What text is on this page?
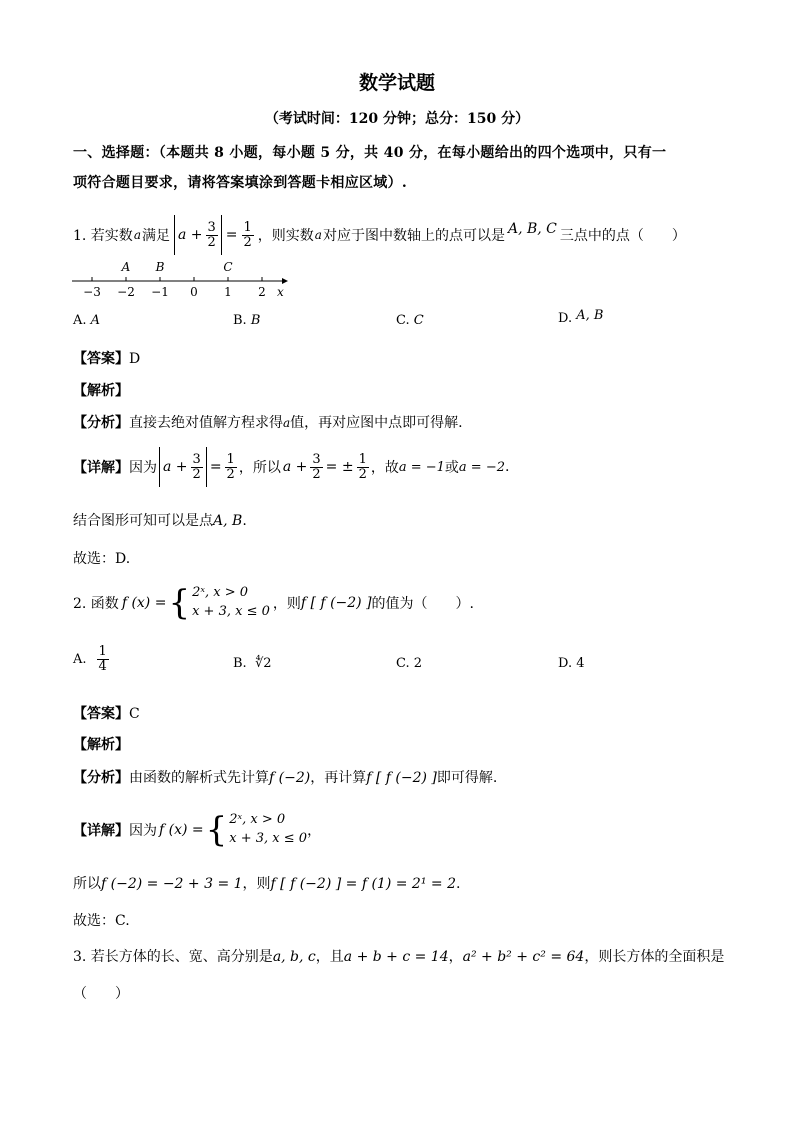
数学试题
（考试时间：120 分钟；总分：150 分）
一、选择题：（本题共 8 小题，每小题 5 分，共 40 分，在每小题给出的四个选项中，只有一
项符合题目要求，请将答案填涂到答题卡相应区域）.
1. 若实数 a 满足 $a + \frac{3}{2} = \frac{1}{2}$ ，则实数 a 对应于图中数轴上的点可以是 A, B, C 三点中的点（　　）
−3 −2 −1 0 1 2 x
A B	C
A. A	B. B	C. C	D. A, B
【答案】D
【解析】
【分析】直接去绝对值解方程求得a值，再对应图中点即可得解.
【详解】 因为 $a + \frac{3}{2} = \frac{1}{2}$ ，所以 $a + \frac{3}{2}$ = ± $\frac{1}{2}$ ，故 a = −1 或 a = −2 .
结合图形可知可以是点A, B.
故选：D.
2. 函数 f (x) = { 2ˣ, x > 0
x + 3, x ≤ 0 ，则 f [ f (−2) ] 的值为（　　）.
A. $\frac{1}{4}$	B. ∜2	C. 2	D. 4
【答案】C
【解析】
【分析】由函数的解析式先计算f (−2)，再计算f [ f (−2) ]即可得解.
【详解】 因为 f (x) = { 2ˣ, x > 0
x + 3, x ≤ 0 ，
所以f (−2) = −2 + 3 = 1，则f [ f (−2) ] = f (1) = 2¹ = 2.
故选：C.
3. 若长方体的长、宽、高分别是a, b, c，且a + b + c = 14，a² + b² + c² = 64，则长方体的全面积是
（　　）
